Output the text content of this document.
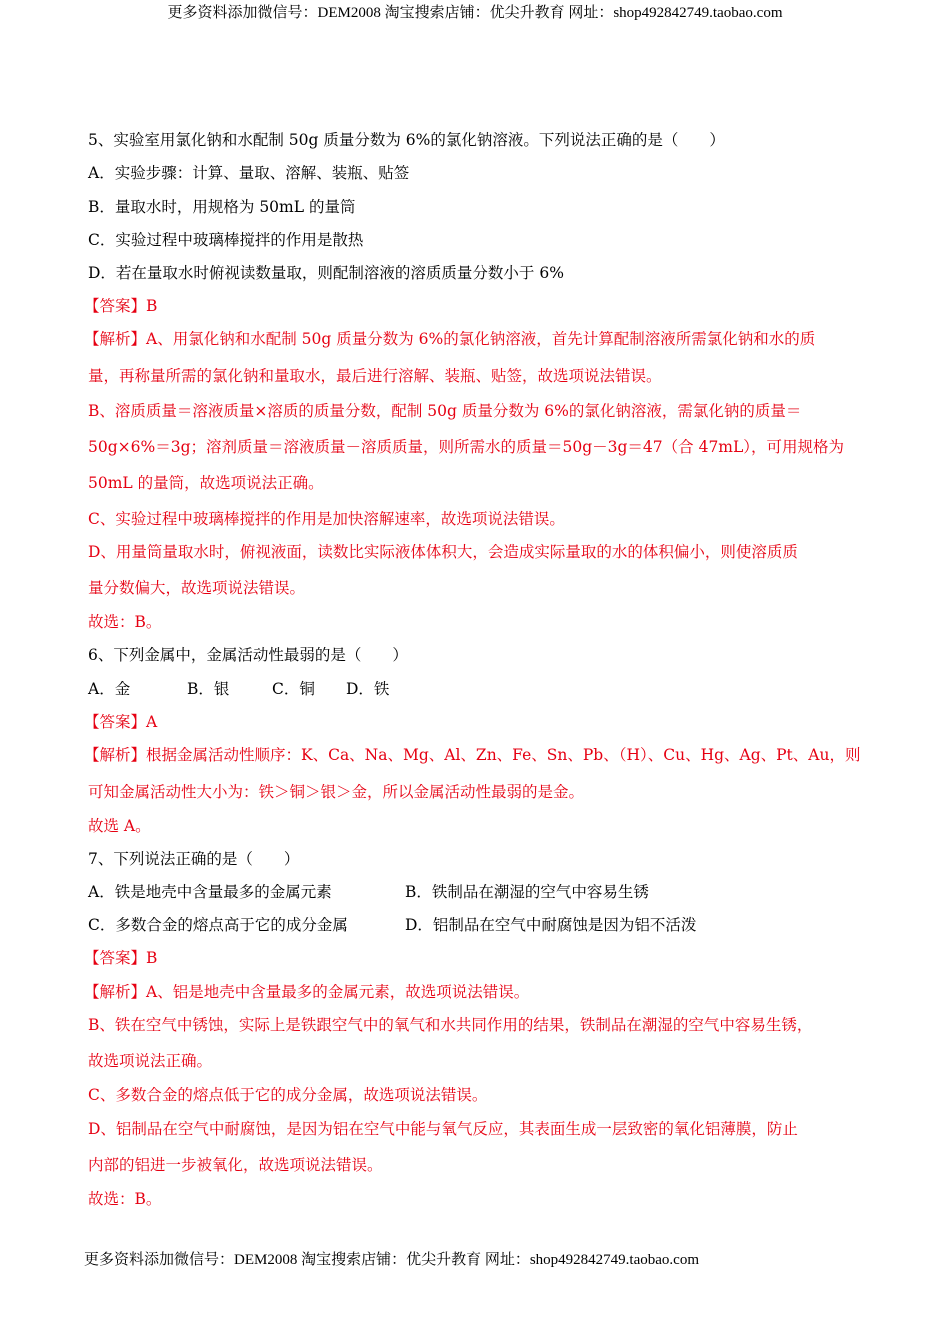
更多资料添加微信号：DEM2008 淘宝搜索店铺：优尖升教育 网址：shop492842749.taobao.com
5、实验室用氯化钠和水配制 50g 质量分数为 6%的氯化钠溶液。下列说法正确的是（　　）
A．实验步骤：计算、量取、溶解、装瓶、贴签
B．量取水时，用规格为 50mL 的量筒
C．实验过程中玻璃棒搅拌的作用是散热
D．若在量取水时俯视读数量取，则配制溶液的溶质质量分数小于 6%
【答案】B
【解析】A、用氯化钠和水配制 50g 质量分数为 6%的氯化钠溶液，首先计算配制溶液所需氯化钠和水的质
量，再称量所需的氯化钠和量取水，最后进行溶解、装瓶、贴签，故选项说法错误。
B、溶质质量＝溶液质量×溶质的质量分数，配制 50g 质量分数为 6%的氯化钠溶液，需氯化钠的质量＝
50g×6%＝3g；溶剂质量＝溶液质量－溶质质量，则所需水的质量＝50g－3g＝47（合 47mL），可用规格为
50mL 的量筒，故选项说法正确。
C、实验过程中玻璃棒搅拌的作用是加快溶解速率，故选项说法错误。
D、用量筒量取水时，俯视液面，读数比实际液体体积大，会造成实际量取的水的体积偏小，则使溶质质
量分数偏大，故选项说法错误。
故选：B。
6、下列金属中，金属活动性最弱的是（　　）
A．金	B．银	C．铜 D．铁
【答案】A
【解析】根据金属活动性顺序：K、Ca、Na、Mg、Al、Zn、Fe、Sn、Pb、（H）、Cu、Hg、Ag、Pt、Au，则
可知金属活动性大小为：铁＞铜＞银＞金，所以金属活动性最弱的是金。
故选 A。
7、下列说法正确的是（　　）
A．铁是地壳中含量最多的金属元素	B．铁制品在潮湿的空气中容易生锈
C．多数合金的熔点高于它的成分金属	D．铝制品在空气中耐腐蚀是因为铝不活泼
【答案】B
【解析】A、铝是地壳中含量最多的金属元素，故选项说法错误。
B、铁在空气中锈蚀，实际上是铁跟空气中的氧气和水共同作用的结果，铁制品在潮湿的空气中容易生锈，
故选项说法正确。
C、多数合金的熔点低于它的成分金属，故选项说法错误。
D、铝制品在空气中耐腐蚀，是因为铝在空气中能与氧气反应，其表面生成一层致密的氧化铝薄膜，防止
内部的铝进一步被氧化，故选项说法错误。
故选：B。
更多资料添加微信号：DEM2008 淘宝搜索店铺：优尖升教育 网址：shop492842749.taobao.com
